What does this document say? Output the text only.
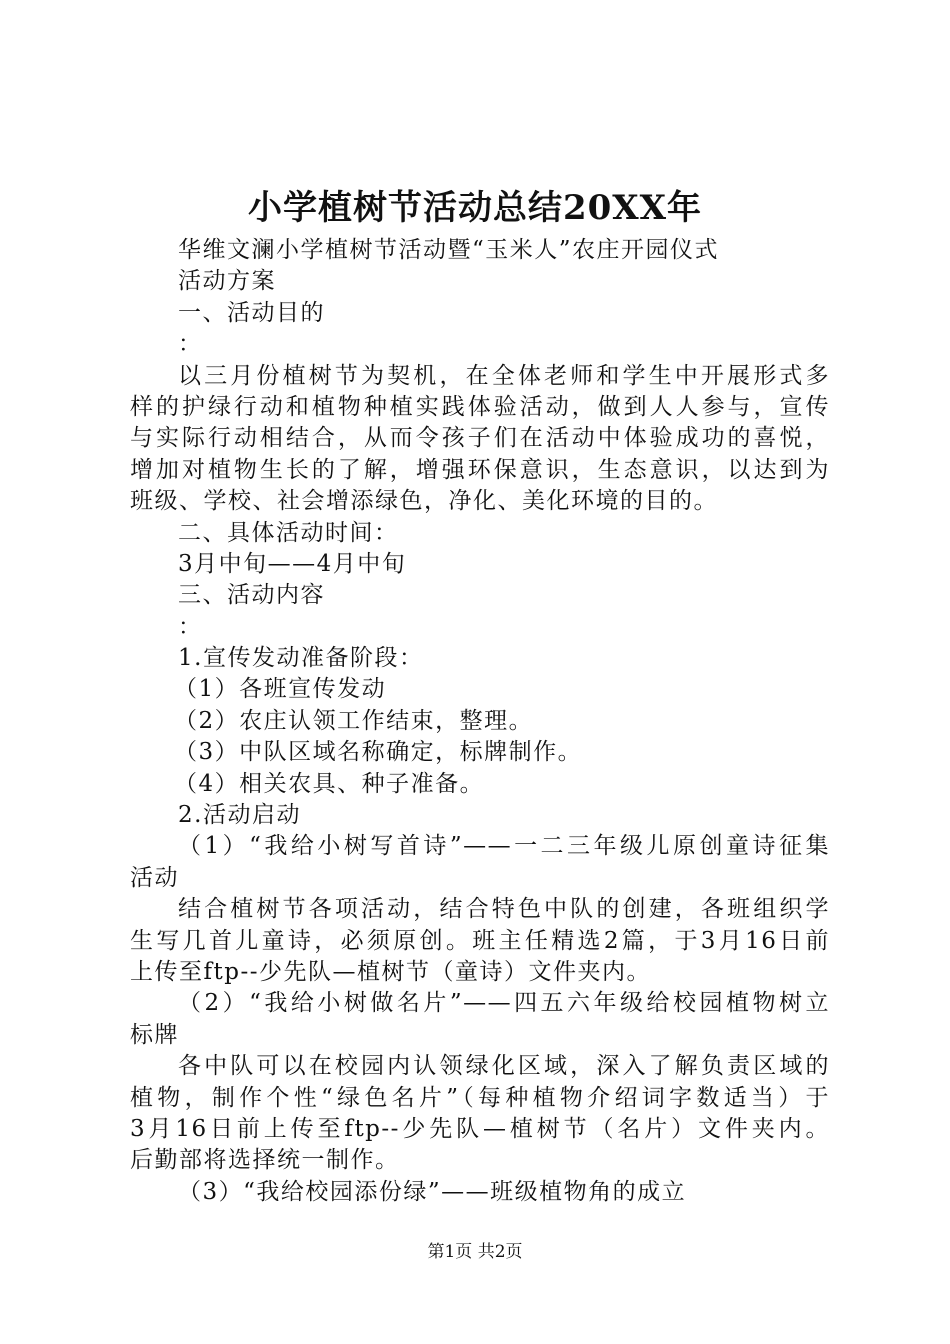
小学植树节活动总结20XX年
华维文澜小学植树节活动暨“玉米人”农庄开园仪式
活动方案
一、活动目的
：
以三月份植树节为契机，在全体老师和学生中开展形式多
样的护绿行动和植物种植实践体验活动，做到人人参与，宣传
与实际行动相结合，从而令孩子们在活动中体验成功的喜悦，
增加对植物生长的了解，增强环保意识，生态意识，以达到为
班级、学校、社会增添绿色，净化、美化环境的目的。
二、具体活动时间：
3月中旬——4月中旬
三、活动内容
：
1.宣传发动准备阶段：
（1）各班宣传发动
（2）农庄认领工作结束，整理。
（3）中队区域名称确定，标牌制作。
（4）相关农具、种子准备。
2.活动启动
（1）“我给小树写首诗”——一二三年级儿原创童诗征集
活动
结合植树节各项活动，结合特色中队的创建，各班组织学
生写几首儿童诗，必须原创。班主任精选2篇，于3月16日前
上传至ftp--少先队—植树节（童诗）文件夹内。
（2）“我给小树做名片”——四五六年级给校园植物树立
标牌
各中队可以在校园内认领绿化区域，深入了解负责区域的
植物，制作个性“绿色名片”（每种植物介绍词字数适当）于
3月16日前上传至ftp--少先队—植树节（名片）文件夹内。
后勤部将选择统一制作。
（3）“我给校园添份绿”——班级植物角的成立
第1页 共2页
